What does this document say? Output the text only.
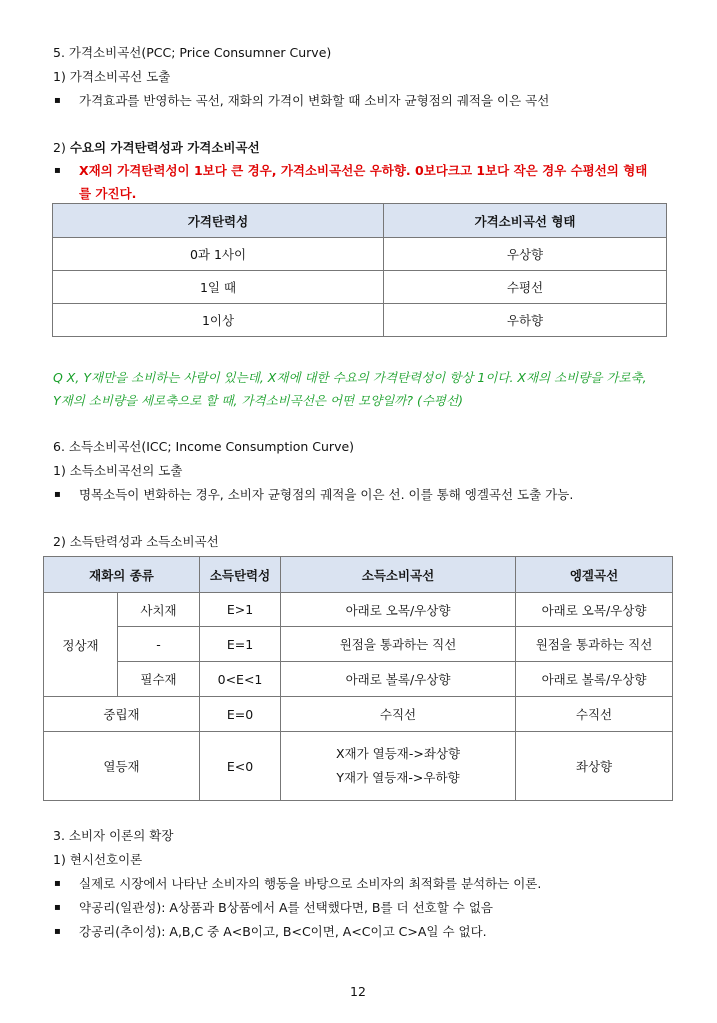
5. 가격소비곡선(PCC; Price Consumner Curve)
1) 가격소비곡선 도출
▪ 가격효과를 반영하는 곡선, 재화의 가격이 변화할 때 소비자 균형점의 궤적을 이은 곡선
2) 수요의 가격탄력성과 가격소비곡선
▪ X재의 가격탄력성이 1보다 큰 경우, 가격소비곡선은 우하향. 0보다크고 1보다 작은 경우 수평선의 형태
를 가진다.
가격탄력성	가격소비곡선 형태
0과 1사이	우상향
1일 때	수평선
1이상	우하향
Q X, Y재만을 소비하는 사람이 있는데, X재에 대한 수요의 가격탄력성이 항상 1이다. X재의 소비량을 가로축,
Y재의 소비량을 세로축으로 할 때, 가격소비곡선은 어떤 모양일까? (수평선)
6. 소득소비곡선(ICC; Income Consumption Curve)
1) 소득소비곡선의 도출
▪ 명목소득이 변화하는 경우, 소비자 균형점의 궤적을 이은 선. 이를 통해 엥겔곡선 도출 가능.
2) 소득탄력성과 소득소비곡선
재화의 종류		소득탄력성	소득소비곡선	엥겔곡선
정상재	사치재	E>1	아래로 오목/우상향	아래로 오목/우상향
	-	E=1	원점을 통과하는 직선	원점을 통과하는 직선
	필수재	0<E<1	아래로 볼록/우상향	아래로 볼록/우상향
중립재		E=0	수직선	수직선
열등재		E<0	X재가 열등재->좌상향
Y재가 열등재->우하향	좌상향
3. 소비자 이론의 확장
1) 현시선호이론
▪ 실제로 시장에서 나타난 소비자의 행동을 바탕으로 소비자의 최적화를 분석하는 이론.
▪ 약공리(일관성): A상품과 B상품에서 A를 선택했다면, B를 더 선호할 수 없음
▪ 강공리(추이성): A,B,C 중 A<B이고, B<C이면, A<C이고 C>A일 수 없다.
12
